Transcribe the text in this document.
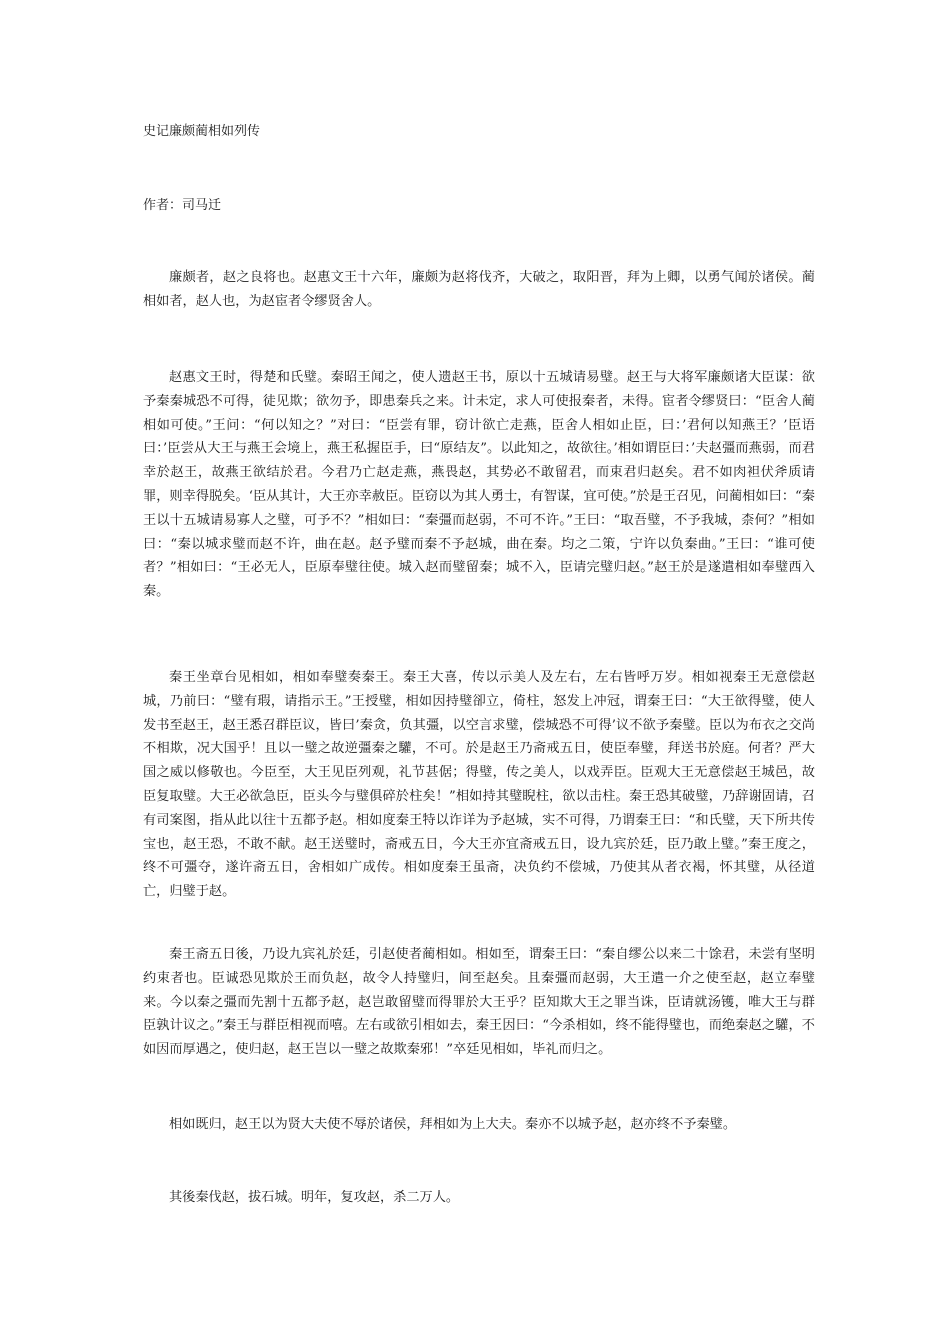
史记廉颇蔺相如列传
作者：司马迁

廉颇者，赵之良将也。赵惠文王十六年，廉颇为赵将伐齐，大破之，取阳晋，拜为上卿，以勇气闻於诸侯。蔺相如者，赵人也，为赵宦者令缪贤舍人。

赵惠文王时，得楚和氏璧。秦昭王闻之，使人遗赵王书，原以十五城请易璧。赵王与大将军廉颇诸大臣谋：欲予秦秦城恐不可得，徒见欺；欲勿予，即患秦兵之来。计未定，求人可使报秦者，未得。宦者令缪贤曰：“臣舍人蔺相如可使。”王问：“何以知之？”对曰：“臣尝有罪，窃计欲亡走燕，臣舍人相如止臣，曰：’君何以知燕王？’臣语曰：’臣尝从大王与燕王会境上，燕王私握臣手，曰“原结友”。以此知之，故欲往。’相如谓臣曰：’夫赵彊而燕弱，而君幸於赵王，故燕王欲结於君。今君乃亡赵走燕，燕畏赵，其势必不敢留君，而束君归赵矣。君不如肉袒伏斧质请罪，则幸得脱矣。‘臣从其计，大王亦幸赦臣。臣窃以为其人勇士，有智谋，宜可使。”於是王召见，问蔺相如曰：“秦王以十五城请易寡人之璧，可予不？”相如曰：“秦彊而赵弱，不可不许。”王曰：“取吾璧，不予我城，柰何？”相如曰：“秦以城求璧而赵不许，曲在赵。赵予璧而秦不予赵城，曲在秦。均之二策，宁许以负秦曲。”王曰：“谁可使者？”相如曰：“王必无人，臣原奉璧往使。城入赵而璧留秦；城不入，臣请完璧归赵。”赵王於是遂遣相如奉璧西入秦。

秦王坐章台见相如，相如奉璧奏秦王。秦王大喜，传以示美人及左右，左右皆呼万岁。相如视秦王无意偿赵城，乃前曰：“璧有瑕，请指示王。”王授璧，相如因持璧卻立，倚柱，怒发上冲冠，谓秦王曰：“大王欲得璧，使人发书至赵王，赵王悉召群臣议，皆曰’秦贪，负其彊，以空言求璧，偿城恐不可得’议不欲予秦璧。臣以为布衣之交尚不相欺，况大国乎！且以一璧之故逆彊秦之驩，不可。於是赵王乃斋戒五日，使臣奉璧，拜送书於庭。何者？严大国之威以修敬也。今臣至，大王见臣列观，礼节甚倨；得璧，传之美人，以戏弄臣。臣观大王无意偿赵王城邑，故臣复取璧。大王必欲急臣，臣头今与璧俱碎於柱矣！”相如持其璧睨柱，欲以击柱。秦王恐其破璧，乃辞谢固请，召有司案图，指从此以往十五都予赵。相如度秦王特以诈详为予赵城，实不可得，乃谓秦王曰：“和氏璧，天下所共传宝也，赵王恐，不敢不献。赵王送璧时，斋戒五日，今大王亦宜斋戒五日，设九宾於廷，臣乃敢上璧。”秦王度之，终不可彊夺，遂许斋五日，舍相如广成传。相如度秦王虽斋，决负约不偿城，乃使其从者衣褐，怀其璧，从径道亡，归璧于赵。

秦王斋五日後，乃设九宾礼於廷，引赵使者蔺相如。相如至，谓秦王曰：“秦自缪公以来二十馀君，未尝有坚明约束者也。臣诚恐见欺於王而负赵，故令人持璧归，间至赵矣。且秦彊而赵弱，大王遣一介之使至赵，赵立奉璧来。今以秦之彊而先割十五都予赵，赵岂敢留璧而得罪於大王乎？臣知欺大王之罪当诛，臣请就汤镬，唯大王与群臣孰计议之。”秦王与群臣相视而嘻。左右或欲引相如去，秦王因曰：“今杀相如，终不能得璧也，而绝秦赵之驩，不如因而厚遇之，使归赵，赵王岂以一璧之故欺秦邪！”卒廷见相如，毕礼而归之。

相如既归，赵王以为贤大夫使不辱於诸侯，拜相如为上大夫。秦亦不以城予赵，赵亦终不予秦璧。

其後秦伐赵，拔石城。明年，复攻赵，杀二万人。
